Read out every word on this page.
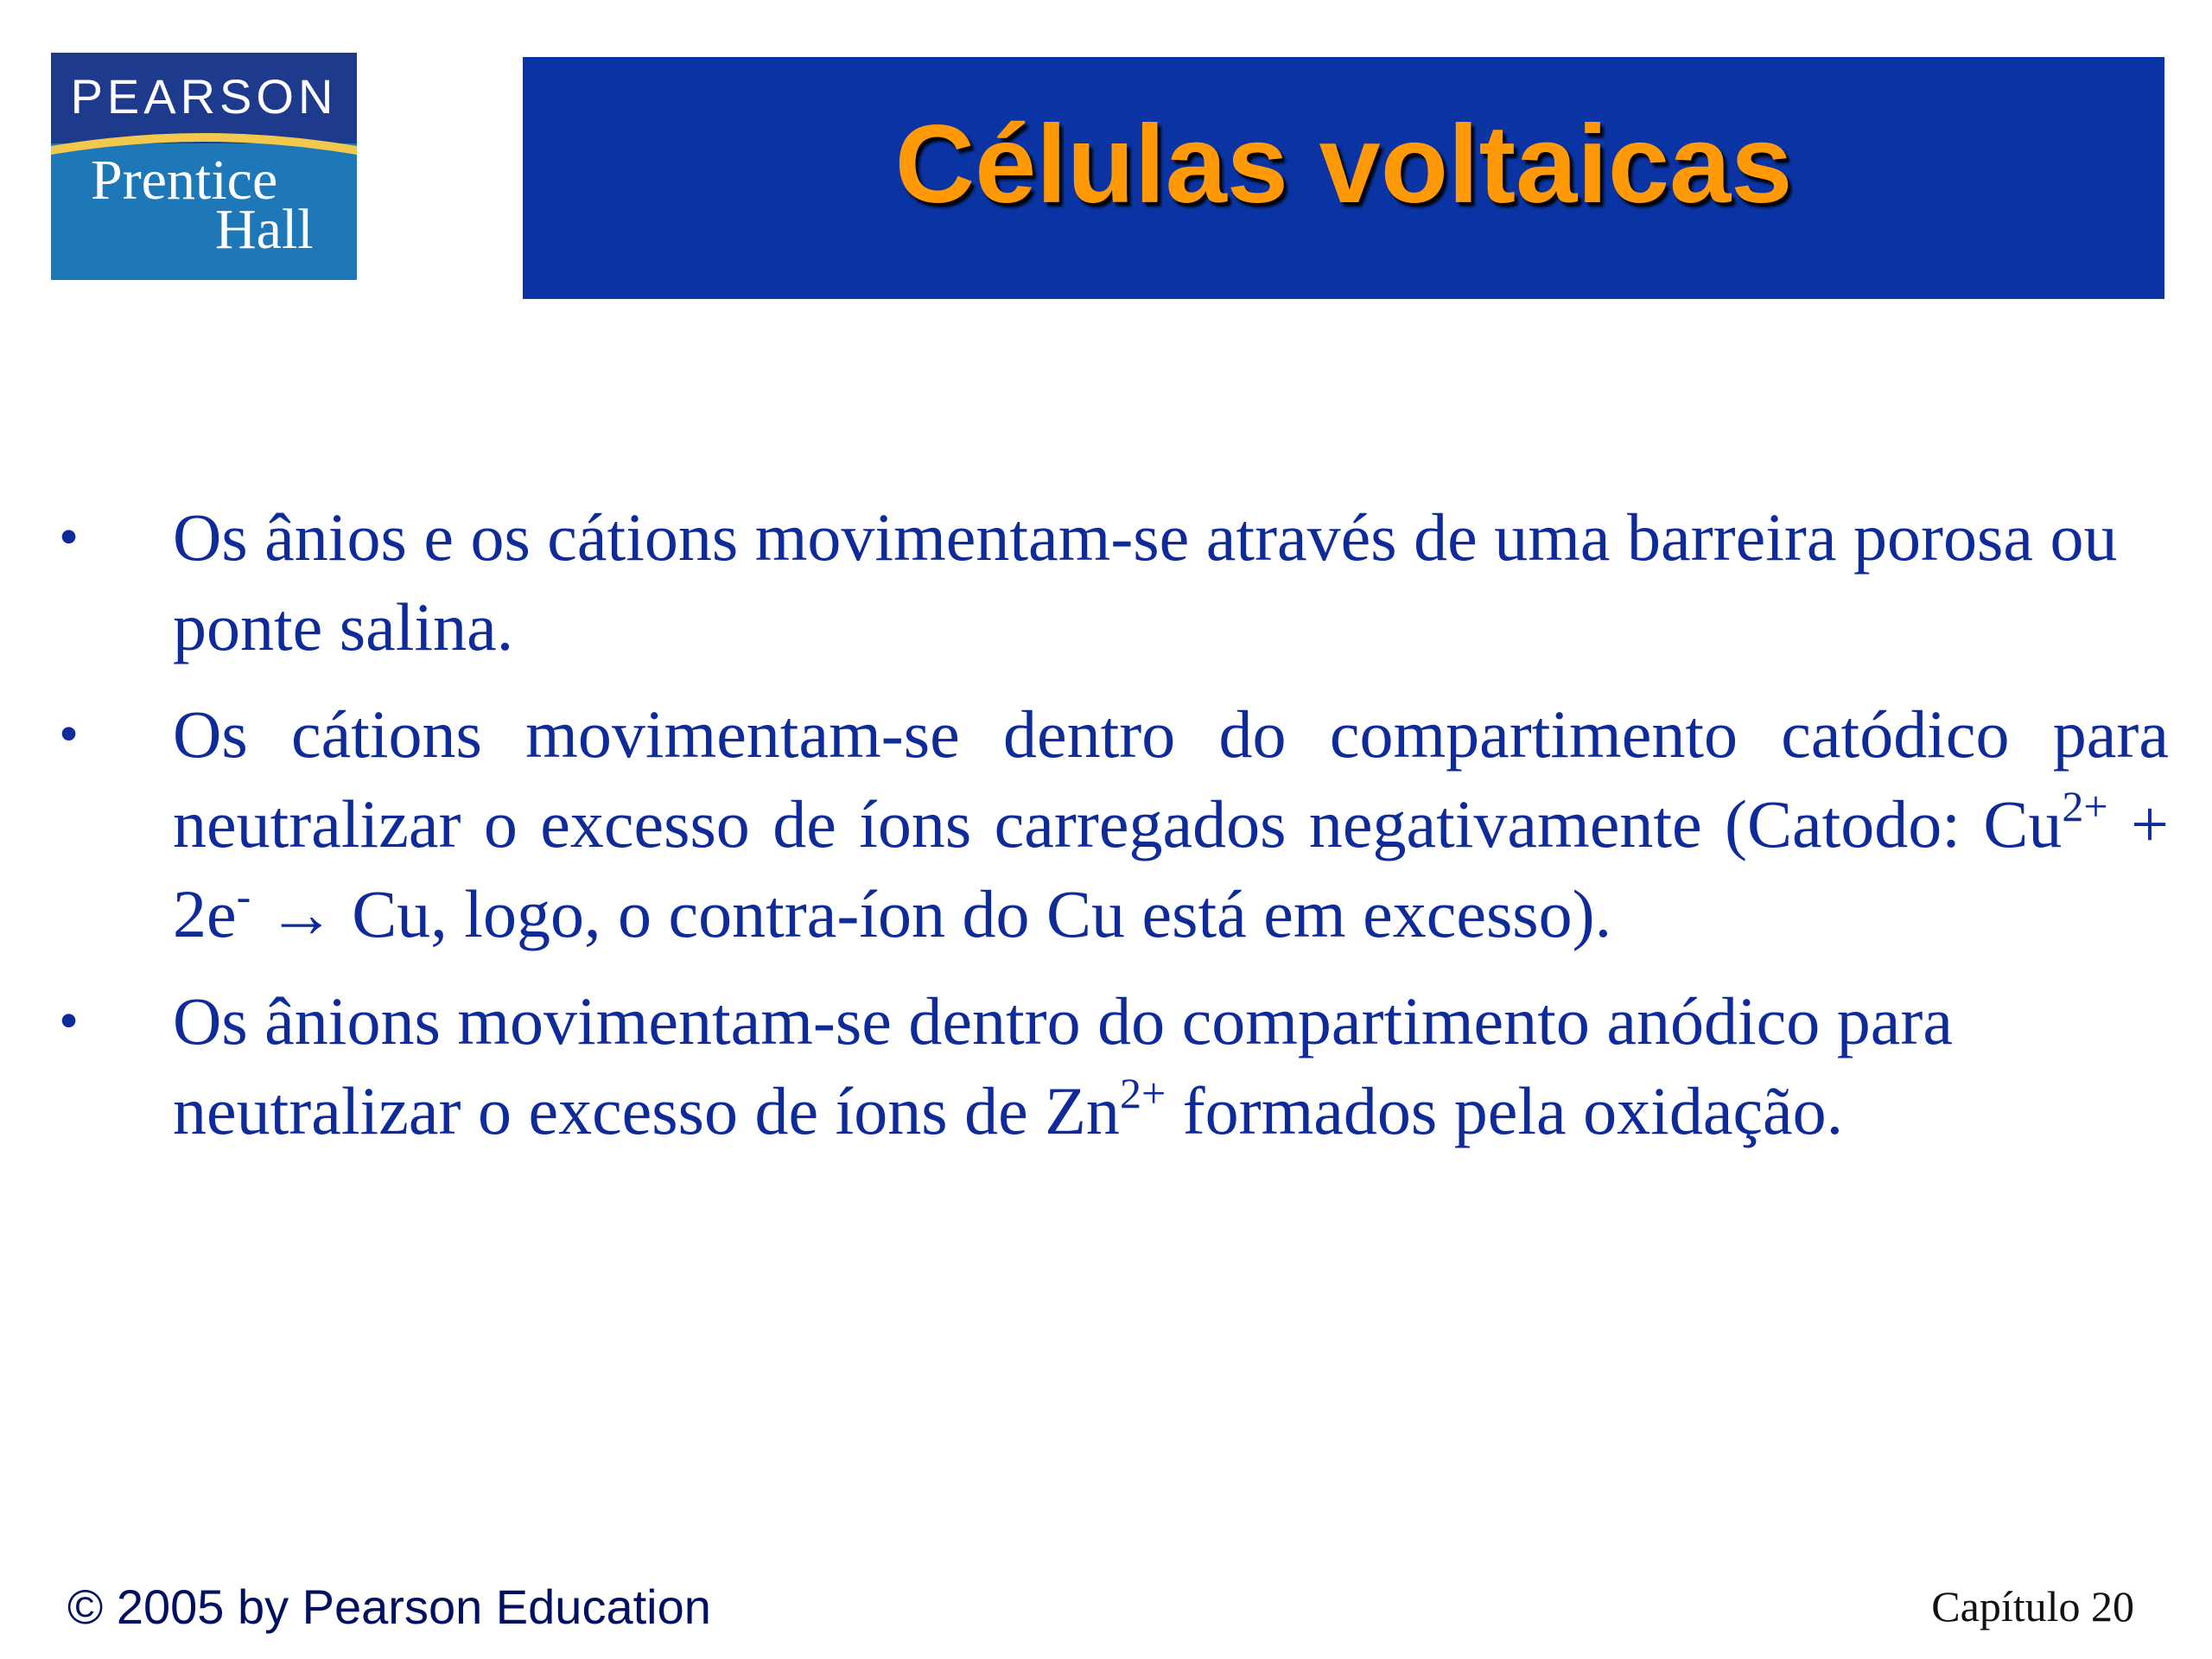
PEARSON
Prentice
Hall
Células voltaicas
• Os ânios e os cátions movimentam-se através de uma barreira porosa ou ponte salina.
• Os cátions movimentam-se dentro do compartimento catódico para neutralizar o excesso de íons carregados negativamente (Catodo: $Cu^{2+} + 2e^- \to Cu$, logo, o contra-íon do Cu está em excesso).
• Os ânions movimentam-se dentro do compartimento anódico para neutralizar o excesso de íons de $Zn^{2+}$ formados pela oxidação.
© 2005 by Pearson Education	Capítulo 20
